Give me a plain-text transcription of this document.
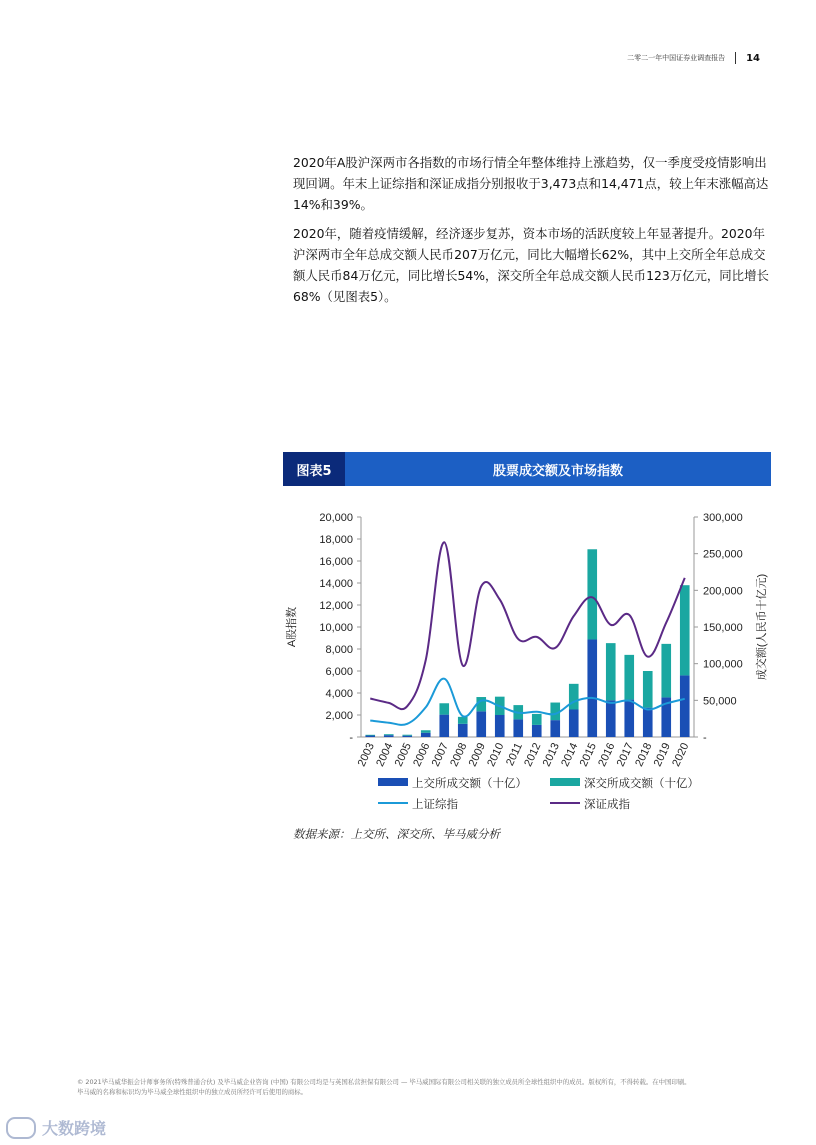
二零二一年中国证券业调查报告 14

2020年A股沪深两市各指数的市场行情全年整体维持上涨趋势，仅一季度受疫情影响出现回调。年末上证综指和深证成指分别报收于3,473点和14,471点，较上年末涨幅高达14%和39%。

2020年，随着疫情缓解，经济逐步复苏，资本市场的活跃度较上年显著提升。2020年沪深两市全年总成交额人民币207万亿元，同比大幅增长62%，其中上交所全年总成交额人民币84万亿元，同比增长54%，深交所全年总成交额人民币123万亿元，同比增长68%（见图表5）。

图表5	股票成交额及市场指数
-
2,000
4,000
6,000
8,000
10,000
12,000
14,000
16,000
18,000
20,000
-
50,000
100,000
150,000
200,000
250,000
300,000
A股指数	成交额(人民币十亿元)
2003
2004
2005
2006
2007
2008
2009
2010
2011
2012
2013
2014
2015
2016
2017
2018
2019
2020
上交所成交额（十亿）	深交所成交额（十亿）
上证综指	深证成指
数据来源：上交所、深交所、毕马威分析
© 2021毕马威华振会计师事务所(特殊普通合伙) 及毕马威企业咨询 (中国) 有限公司均是与英国私营担保有限公司 — 毕马威国际有限公司相关联的独立成员所全球性组织中的成员。版权所有，不得转载。在中国印刷。
毕马威的名称和标识均为毕马威全球性组织中的独立成员所经许可后使用的商标。
大数跨境
